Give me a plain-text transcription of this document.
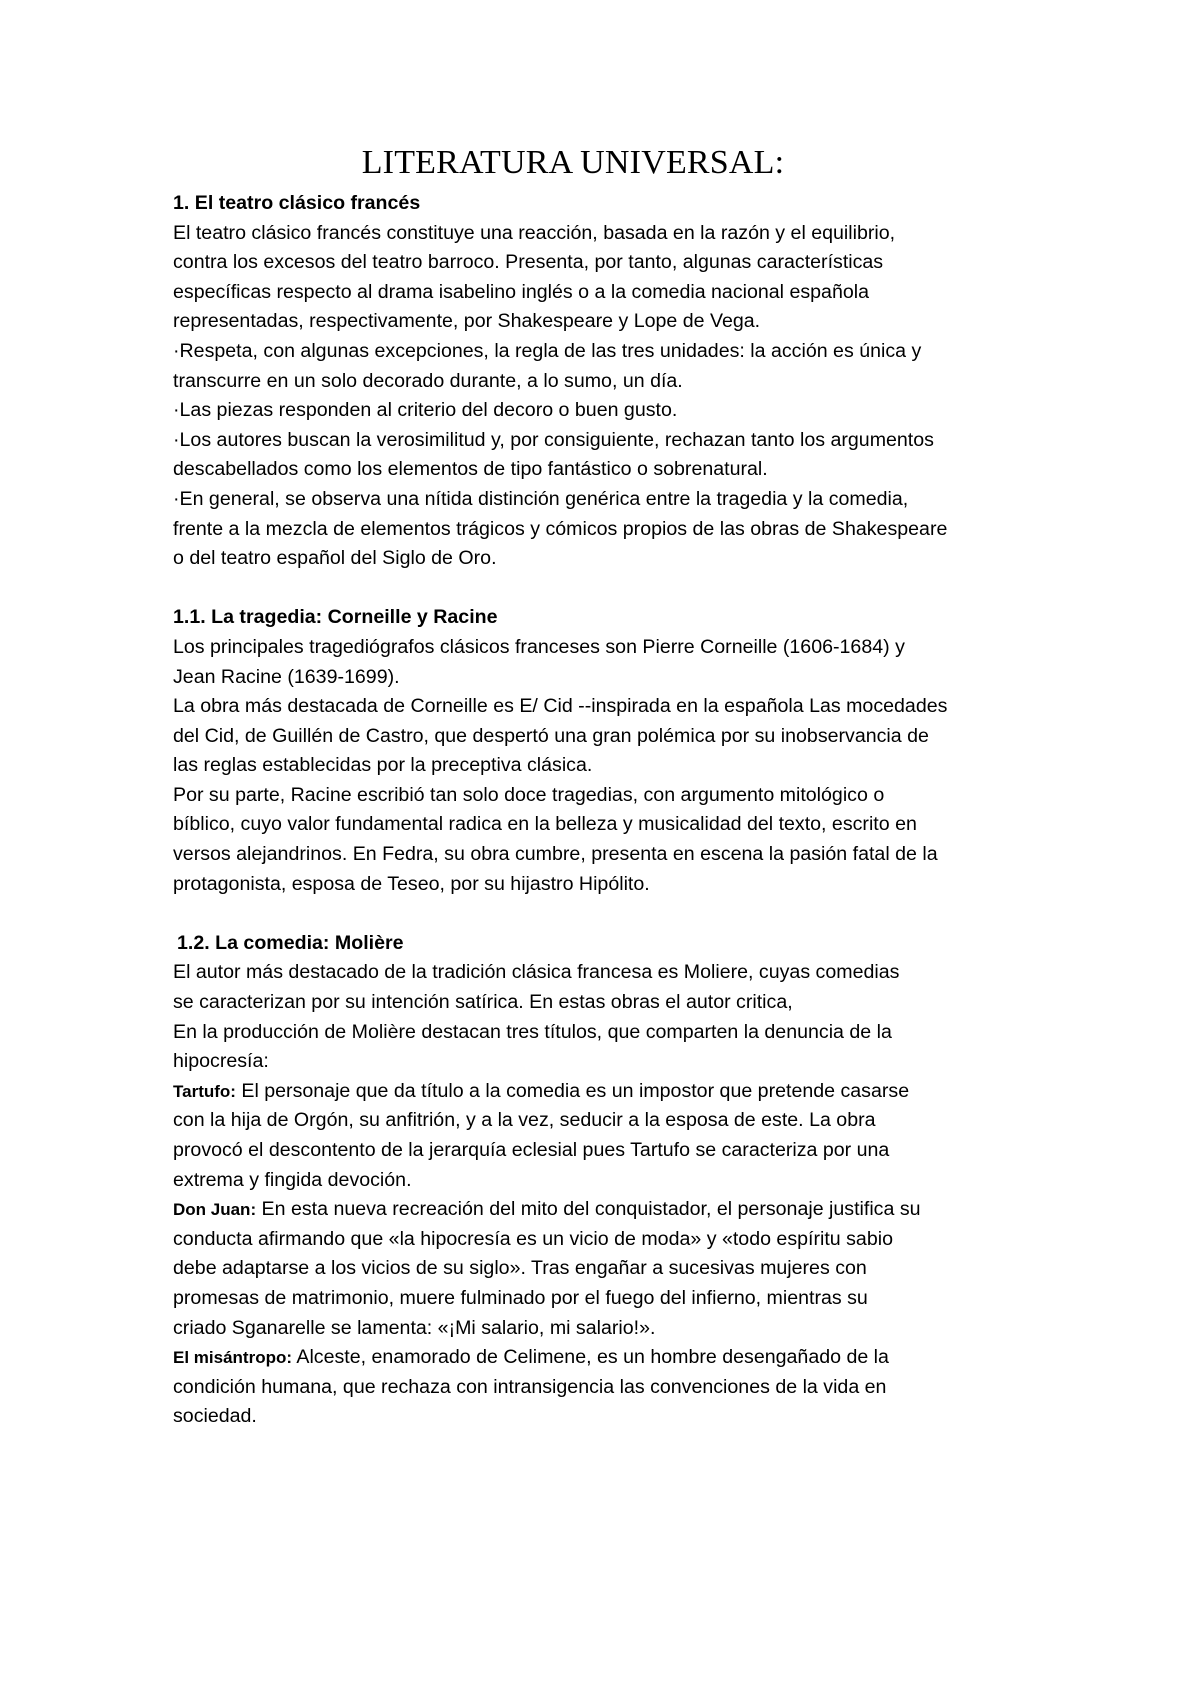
LITERATURA UNIVERSAL:
1. El teatro clásico francés
El teatro clásico francés constituye una reacción, basada en la razón y el equilibrio,
contra los excesos del teatro barroco. Presenta, por tanto, algunas características
específicas respecto al drama isabelino inglés o a la comedia nacional española
representadas, respectivamente, por Shakespeare y Lope de Vega.
·Respeta, con algunas excepciones, la regla de las tres unidades: la acción es única y
transcurre en un solo decorado durante, a lo sumo, un día.
·Las piezas responden al criterio del decoro o buen gusto.
·Los autores buscan la verosimilitud y, por consiguiente, rechazan tanto los argumentos
descabellados como los elementos de tipo fantástico o sobrenatural.
·En general, se observa una nítida distinción genérica entre la tragedia y la comedia,
frente a la mezcla de elementos trágicos y cómicos propios de las obras de Shakespeare
o del teatro español del Siglo de Oro.
1.1. La tragedia: Corneille y Racine
Los principales tragediógrafos clásicos franceses son Pierre Corneille (1606-1684) y
Jean Racine (1639-1699).
La obra más destacada de Corneille es E/ Cid --inspirada en la española Las mocedades
del Cid, de Guillén de Castro, que despertó una gran polémica por su inobservancia de
las reglas establecidas por la preceptiva clásica.
Por su parte, Racine escribió tan solo doce tragedias, con argumento mitológico o
bíblico, cuyo valor fundamental radica en la belleza y musicalidad del texto, escrito en
versos alejandrinos. En Fedra, su obra cumbre, presenta en escena la pasión fatal de la
protagonista, esposa de Teseo, por su hijastro Hipólito.
1.2. La comedia: Molière
El autor más destacado de la tradición clásica francesa es Moliere, cuyas comedias
se caracterizan por su intención satírica. En estas obras el autor critica,
En la producción de Molière destacan tres títulos, que comparten la denuncia de la
hipocresía:
Tartufo: El personaje que da título a la comedia es un impostor que pretende casarse
con la hija de Orgón, su anfitrión, y a la vez, seducir a la esposa de este. La obra
provocó el descontento de la jerarquía eclesial pues Tartufo se caracteriza por una
extrema y fingida devoción.
Don Juan: En esta nueva recreación del mito del conquistador, el personaje justifica su
conducta afirmando que «la hipocresía es un vicio de moda» y «todo espíritu sabio
debe adaptarse a los vicios de su siglo». Tras engañar a sucesivas mujeres con
promesas de matrimonio, muere fulminado por el fuego del infierno, mientras su
criado Sganarelle se lamenta: «¡Mi salario, mi salario!».
El misántropo: Alceste, enamorado de Celimene, es un hombre desengañado de la
condición humana, que rechaza con intransigencia las convenciones de la vida en
sociedad.
